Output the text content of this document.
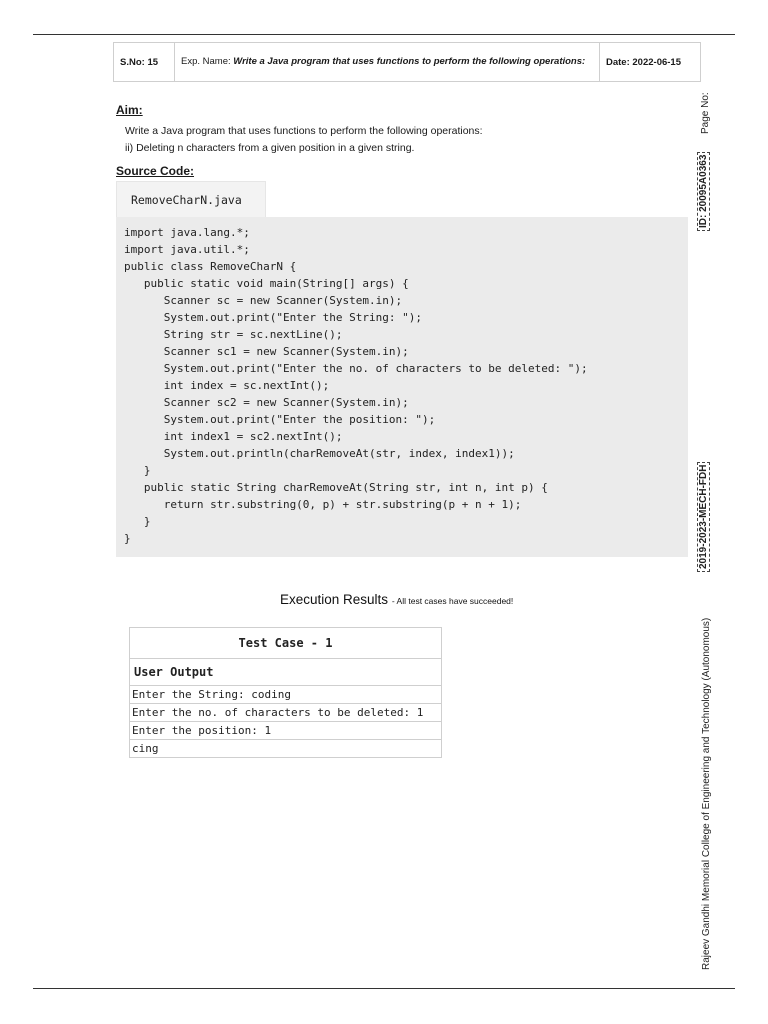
S.No: 15	Exp. Name: Write a Java program that uses functions to perform the following operations:	Date: 2022-06-15
Aim:
Write a Java program that uses functions to perform the following operations:
ii) Deleting n characters from a given position in a given string.
Source Code:
RemoveCharN.java
import java.lang.*;
import java.util.*;
public class RemoveCharN {
public static void main(String[] args) {
Scanner sc = new Scanner(System.in);
System.out.print("Enter the String: ");
String str = sc.nextLine();
Scanner sc1 = new Scanner(System.in);
System.out.print("Enter the no. of characters to be deleted: ");
int index = sc.nextInt();
Scanner sc2 = new Scanner(System.in);
System.out.print("Enter the position: ");
int index1 = sc2.nextInt();
System.out.println(charRemoveAt(str, index, index1));
}
public static String charRemoveAt(String str, int n, int p) {
return str.substring(0, p) + str.substring(p + n + 1);
}
}
Execution Results - All test cases have succeeded!
Test Case - 1
User Output
Enter the String: coding
Enter the no. of characters to be deleted: 1
Enter the position: 1
cing
Page No:
ID: 20095A0363
2019-2023-MECH-FDH
Rajeev Gandhi Memorial College of Engineering and Technology (Autonomous)
